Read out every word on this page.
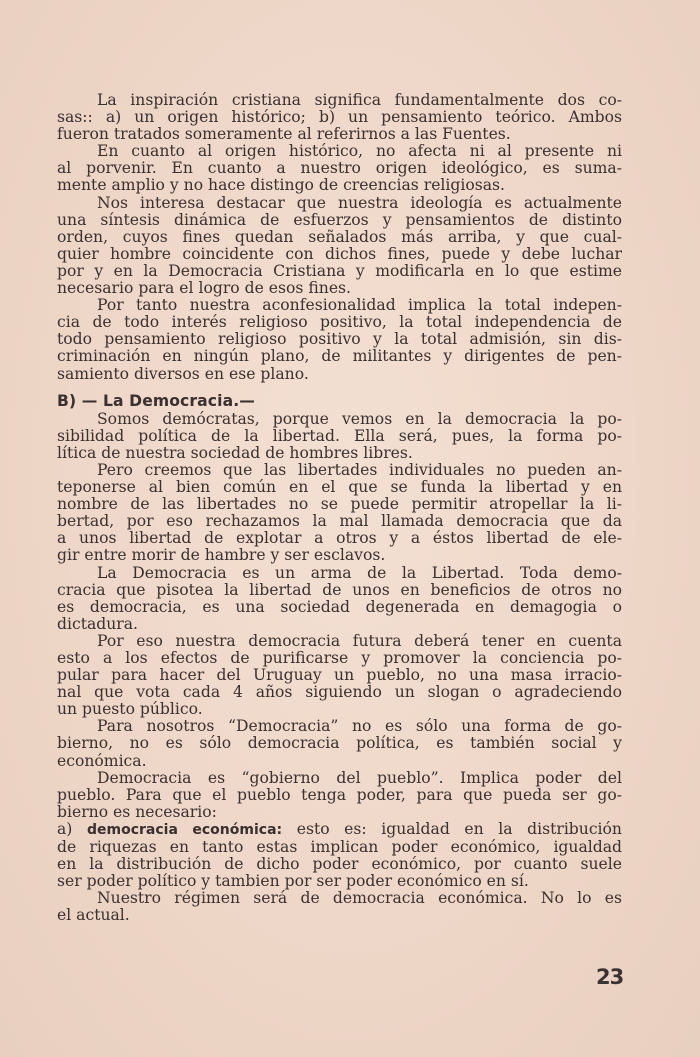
La inspiración cristiana significa fundamentalmente dos co-
sas:: a) un origen histórico; b) un pensamiento teórico. Ambos
fueron tratados someramente al referirnos a las Fuentes.

En cuanto al origen histórico, no afecta ni al presente ni
al porvenir. En cuanto a nuestro origen ideológico, es suma-
mente amplio y no hace distingo de creencias religiosas.

Nos interesa destacar que nuestra ideología es actualmente
una síntesis dinámica de esfuerzos y pensamientos de distinto
orden, cuyos fines quedan señalados más arriba, y que cual-
quier hombre coincidente con dichos fines, puede y debe luchar
por y en la Democracia Cristiana y modificarla en lo que estime
necesario para el logro de esos fines.

Por tanto nuestra aconfesionalidad implica la total indepen-
cia de todo interés religioso positivo, la total independencia de
todo pensamiento religioso positivo y la total admisión, sin dis-
criminación en ningún plano, de militantes y dirigentes de pen-
samiento diversos en ese plano.

B) — La Democracia.—

Somos demócratas, porque vemos en la democracia la po-
sibilidad política de la libertad. Ella será, pues, la forma po-
lítica de nuestra sociedad de hombres libres.

Pero creemos que las libertades individuales no pueden an-
teponerse al bien común en el que se funda la libertad y en
nombre de las libertades no se puede permitir atropellar la li-
bertad, por eso rechazamos la mal llamada democracia que da
a unos libertad de explotar a otros y a éstos libertad de ele-
gir entre morir de hambre y ser esclavos.

La Democracia es un arma de la Libertad. Toda demo-
cracia que pisotea la libertad de unos en beneficios de otros no
es democracia, es una sociedad degenerada en demagogia o
dictadura.

Por eso nuestra democracia futura deberá tener en cuenta
esto a los efectos de purificarse y promover la conciencia po-
pular para hacer del Uruguay un pueblo, no una masa irracio-
nal que vota cada 4 años siguiendo un slogan o agradeciendo
un puesto público.

Para nosotros “Democracia” no es sólo una forma de go-
bierno, no es sólo democracia política, es también social y
económica.

Democracia es “gobierno del pueblo”. Implica poder del
pueblo. Para que el pueblo tenga poder, para que pueda ser go-
bierno es necesario:

a) democracia económica: esto es: igualdad en la distribución
de riquezas en tanto estas implican poder económico, igualdad
en la distribución de dicho poder económico, por cuanto suele
ser poder político y tambien por ser poder económico en sí.

Nuestro régimen será de democracia económica. No lo es
el actual.

23
